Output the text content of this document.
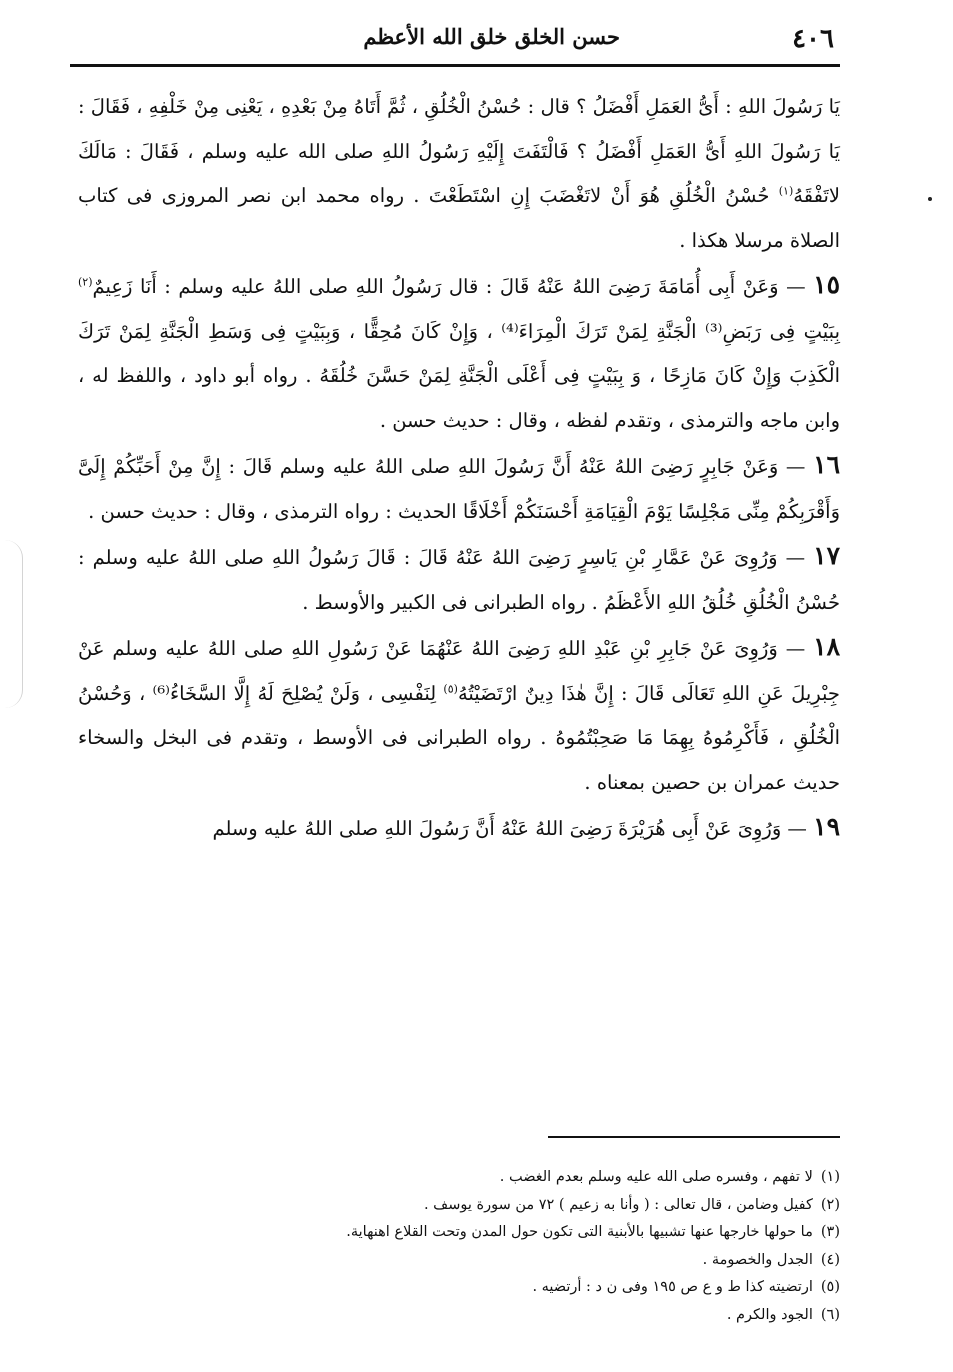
٤٠٦
حسن الخلق خلق الله الأعظم

يَا رَسُولَ اللهِ : أَىُّ العَمَلِ أَفْضَلُ ؟ قال : حُسْنُ الْخُلُقِ ، ثُمَّ أَتَاهُ مِنْ بَعْدِهِ ، يَعْنِى مِنْ خَلْفِهِ ، فَقَالَ : يَا رَسُولَ اللهِ أَىُّ العَمَلِ أَفْضَلُ ؟ فَالْتَفَتَ إِلَيْهِ رَسُولُ اللهِ صلى الله عليه وسلم ، فَقَالَ : مَالَكَ لاتَفْقَهُ$^{(١)}$ حُسْنُ الْخُلُقِ هُوَ أَنْ لاتَغْضَبَ إِنِ اسْتَطَعْتَ . رواه محمد ابن نصر المروزى فى كتاب الصلاة مرسلا هكذا .

١٥ — وَعَنْ أَبِى أُمَامَةَ رَضِىَ اللهُ عَنْهُ قَالَ : قال رَسُولُ اللهِ صلى اللهُ عليه وسلم : أَنَا زَعِيمٌ$^{(٢)}$ بِبَيْتٍ فِى رَبَضِ⁽³⁾ الْجَنَّةِ لِمَنْ تَرَكَ الْمِرَاءَ⁽⁴⁾ ، وَإِنْ كَانَ مُحِقًّا ، وَبِبَيْتٍ فِى وَسَطِ الْجَنَّةِ لِمَنْ تَرَكَ الْكَذِبَ وَإِنْ كَانَ مَازِحًا ، وَ بِبَيْتٍ فِى أَعْلَى الْجَنَّةِ لِمَنْ حَسَّنَ خُلُقَهُ . رواه أبو داود ، واللفظ له ، وابن ماجه والترمذى ، وتقدم لفظه ، وقال : حديث حسن .

١٦ — وَعَنْ جَابِرٍ رَضِىَ اللهُ عَنْهُ أَنَّ رَسُولَ اللهِ صلى اللهُ عليه وسلم قَالَ : إِنَّ مِنْ أَحَبِّكُمْ إِلَىَّ وَأَقْرَبِكُمْ مِنِّى مَجْلِسًا يَوْمَ الْقِيَامَةِ أَحْسَنَكُمْ أَخْلَاقًا الحديث : رواه الترمذى ، وقال : حديث حسن .

١٧ — وَرُوِىَ عَنْ عَمَّارِ بْنِ يَاسِرٍ رَضِىَ اللهُ عَنْهُ قَالَ : قَالَ رَسُولُ اللهِ صلى اللهُ عليه وسلم : حُسْنُ الْخُلُقِ خُلُقُ اللهِ الأَعْظَمُ . رواه الطبرانى فى الكبير والأوسط .

١٨ — وَرُوِىَ عَنْ جَابِرِ بْنِ عَبْدِ اللهِ رَضِىَ اللهُ عَنْهُمَا عَنْ رَسُولِ اللهِ صلى اللهُ عليه وسلم عَنْ جِبْرِيلَ عَنِ اللهِ تَعَالَى قَالَ : إِنَّ هٰذَا دِينٌ ارْتَضَيْتُهُ$^{(٥)}$ لِنَفْسِى ، وَلَنْ يُصْلِحَ لَهُ إِلَّا السَّخَاءُ⁽⁶⁾ ، وَحُسْنُ الْخُلُقِ ، فَأَكْرِمُوهُ بِهِمَا مَا صَحِبْتُمُوهُ . رواه الطبرانى فى الأوسط ، وتقدم فى البخل والسخاء حديث عمران بن حصين بمعناه .

١٩ — وَرُوِىَ عَنْ أَبِى هُرَيْرَةَ رَضِىَ اللهُ عَنْهُ أَنَّ رَسُولَ اللهِ صلى اللهُ عليه وسلم

(١)لا تفهم ، وفسره صلى الله عليه وسلم بعدم الغضب .
(٢)كفيل وضامن ، قال تعالى : ( وأنا به زعيم ) ٧٢ من سورة يوسف .
(٣)ما حولها خارجها عنها تشبيها بالأبنية التى تكون حول المدن وتحت القلاع اهنهاية.
(٤)الجدل والخصومة .
(٥)ارتضيته كذا ط و ع ص ١٩٥ وفى ن د : أرتضيه .
(٦)الجود والكرم .
